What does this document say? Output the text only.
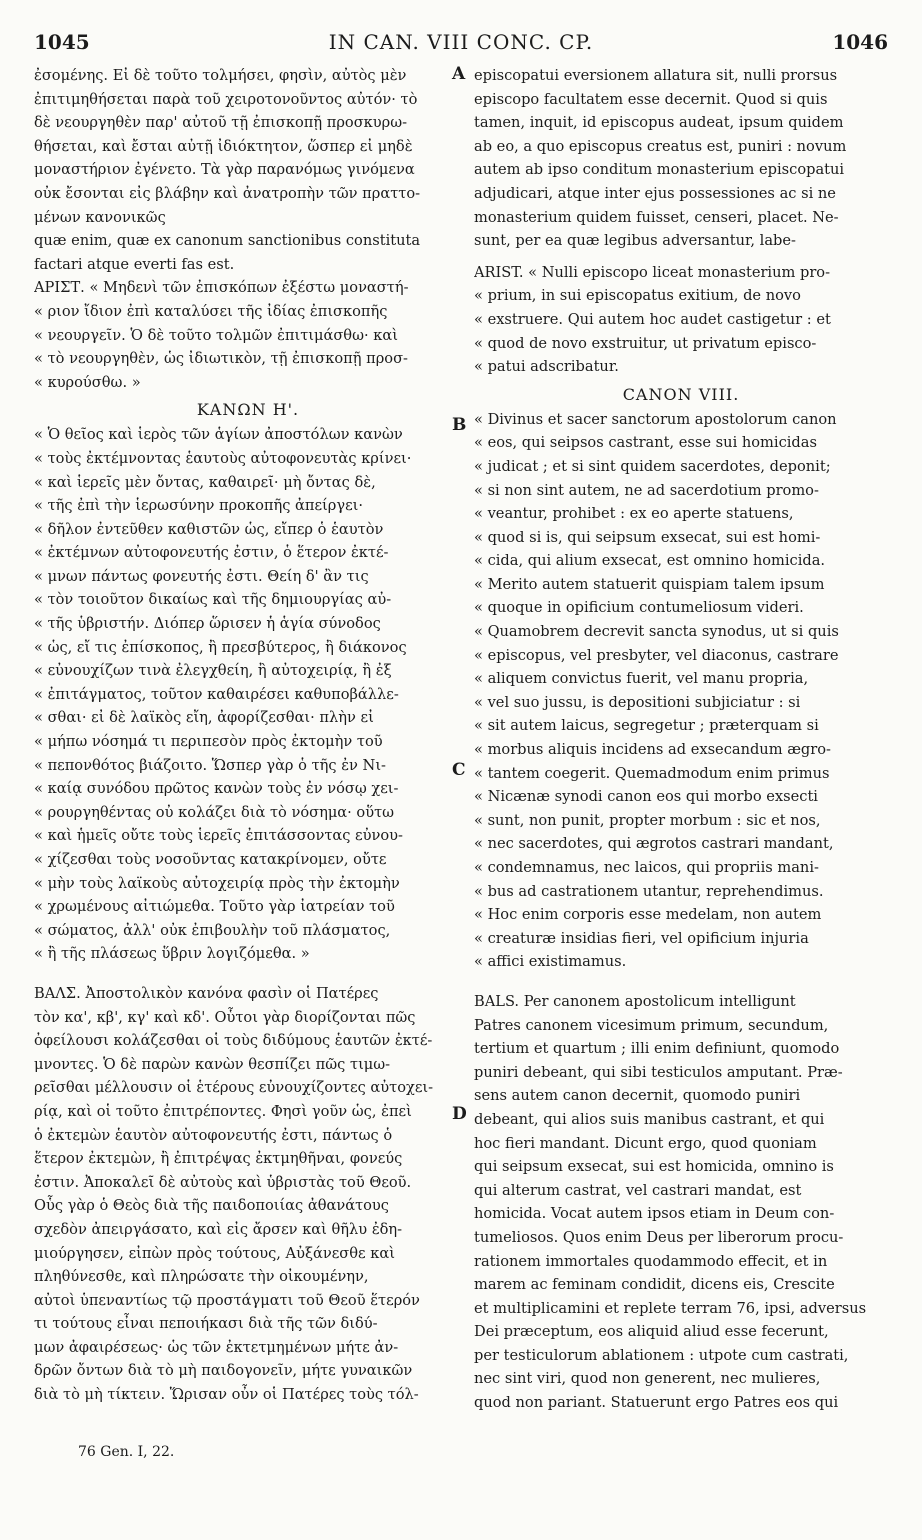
1045	IN CAN. VIII CONC. CP.	1046
A
B
C
D

ἐσομένης. Εἰ δὲ τοῦτο τολμήσει, φησὶν, αὐτὸς μὲν
ἐπιτιμηθήσεται παρὰ τοῦ χειροτονοῦντος αὐτόν· τὸ
δὲ νεουργηθὲν παρ' αὐτοῦ τῇ ἐπισκοπῇ προσκυρω-
θήσεται, καὶ ἔσται αὐτῇ ἰδιόκτητον, ὥσπερ εἰ μηδὲ
μοναστήριον ἐγένετο. Τὰ γὰρ παρανόμως γινόμενα
οὐκ ἔσονται εἰς βλάβην καὶ ἀνατροπὴν τῶν πραττο-
μένων κανονικῶς

quæ enim, quæ ex canonum sanctionibus constituta
factari atque everti fas est.

ΑΡΙΣΤ. « Μηδενὶ τῶν ἐπισκόπων ἐξέστω μοναστή-
« ριον ἴδιον ἐπὶ καταλύσει τῆς ἰδίας ἐπισκοπῆς
« νεουργεῖν. Ὁ δὲ τοῦτο τολμῶν ἐπιτιμάσθω· καὶ
« τὸ νεουργηθὲν, ὡς ἰδιωτικὸν, τῇ ἐπισκοπῇ προσ-
« κυρούσθω. »

ΚΑΝΩΝ Η'.

« Ὁ θεῖος καὶ ἱερὸς τῶν ἁγίων ἀποστόλων κανὼν
« τοὺς ἐκτέμνοντας ἑαυτοὺς αὐτοφονευτὰς κρίνει·
« καὶ ἱερεῖς μὲν ὄντας, καθαιρεῖ· μὴ ὄντας δὲ,
« τῆς ἐπὶ τὴν ἱερωσύνην προκοπῆς ἀπείργει·
« δῆλον ἐντεῦθεν καθιστῶν ὡς, εἴπερ ὁ ἑαυτὸν
« ἐκτέμνων αὐτοφονευτής ἐστιν, ὁ ἕτερον ἐκτέ-
« μνων πάντως φονευτής ἐστι. Θείη δ' ἂν τις
« τὸν τοιοῦτον δικαίως καὶ τῆς δημιουργίας αὐ-
« τῆς ὑβριστήν. Διόπερ ὥρισεν ἡ ἁγία σύνοδος
« ὡς, εἴ τις ἐπίσκοπος, ἢ πρεσβύτερος, ἢ διάκονος
« εὐνουχίζων τινὰ ἐλεγχθείη, ἢ αὐτοχειρίᾳ, ἢ ἐξ
« ἐπιτάγματος, τοῦτον καθαιρέσει καθυποβάλλε-
« σθαι· εἰ δὲ λαϊκὸς εἴη, ἀφορίζεσθαι· πλὴν εἰ
« μήπω νόσημά τι περιπεσὸν πρὸς ἐκτομὴν τοῦ
« πεπονθότος βιάζοιτο. Ὥσπερ γὰρ ὁ τῆς ἐν Νι-
« καίᾳ συνόδου πρῶτος κανὼν τοὺς ἐν νόσῳ χει-
« ρουργηθέντας οὐ κολάζει διὰ τὸ νόσημα· οὕτω
« καὶ ἡμεῖς οὔτε τοὺς ἱερεῖς ἐπιτάσσοντας εὐνου-
« χίζεσθαι τοὺς νοσοῦντας κατακρίνομεν, οὔτε
« μὴν τοὺς λαϊκοὺς αὐτοχειρίᾳ πρὸς τὴν ἐκτομὴν
« χρωμένους αἰτιώμεθα. Τοῦτο γὰρ ἰατρείαν τοῦ
« σώματος, ἀλλ' οὐκ ἐπιβουλὴν τοῦ πλάσματος,
« ἢ τῆς πλάσεως ὕβριν λογιζόμεθα. »

ΒΑΛΣ. Ἀποστολικὸν κανόνα φασὶν οἱ Πατέρες
τὸν κα', κβ', κγ' καὶ κδ'. Οὗτοι γὰρ διορίζονται πῶς
ὀφείλουσι κολάζεσθαι οἱ τοὺς διδύμους ἑαυτῶν ἐκτέ-
μνοντες. Ὁ δὲ παρὼν κανὼν θεσπίζει πῶς τιμω-
ρεῖσθαι μέλλουσιν οἱ ἑτέρους εὐνουχίζοντες αὐτοχει-
ρίᾳ, καὶ οἱ τοῦτο ἐπιτρέποντες. Φησὶ γοῦν ὡς, ἐπεὶ
ὁ ἐκτεμὼν ἑαυτὸν αὐτοφονευτής ἐστι, πάντως ὁ
ἕτερον ἐκτεμὼν, ἢ ἐπιτρέψας ἐκτμηθῆναι, φονεύς
ἐστιν. Ἀποκαλεῖ δὲ αὐτοὺς καὶ ὑβριστὰς τοῦ Θεοῦ.
Οὗς γὰρ ὁ Θεὸς διὰ τῆς παιδοποιίας ἀθανάτους
σχεδὸν ἀπειργάσατο, καὶ εἰς ἄρσεν καὶ θῆλυ ἐδη-
μιούργησεν, εἰπὼν πρὸς τούτους, Αὐξάνεσθε καὶ
πληθύνεσθε, καὶ πληρώσατε τὴν οἰκουμένην,
αὐτοὶ ὑπεναντίως τῷ προστάγματι τοῦ Θεοῦ ἕτερόν
τι τούτους εἶναι πεποιήκασι διὰ τῆς τῶν διδύ-
μων ἀφαιρέσεως· ὡς τῶν ἐκτετμημένων μήτε ἀν-
δρῶν ὄντων διὰ τὸ μὴ παιδογονεῖν, μήτε γυναικῶν
διὰ τὸ μὴ τίκτειν. Ὥρισαν οὖν οἱ Πατέρες τοὺς τόλ-

episcopatui eversionem allatura sit, nulli prorsus
episcopo facultatem esse decernit. Quod si quis
tamen, inquit, id episcopus audeat, ipsum quidem
ab eo, a quo episcopus creatus est, puniri : novum
autem ab ipso conditum monasterium episcopatui
adjudicari, atque inter ejus possessiones ac si ne
monasterium quidem fuisset, censeri, placet. Ne-
sunt, per ea quæ legibus adversantur, labe-

ARIST. « Nulli episcopo liceat monasterium pro-
« prium, in sui episcopatus exitium, de novo
« exstruere. Qui autem hoc audet castigetur : et
« quod de novo exstruitur, ut privatum episco-
« patui adscribatur.

CANON VIII.

« Divinus et sacer sanctorum apostolorum canon
« eos, qui seipsos castrant, esse sui homicidas
« judicat ; et si sint quidem sacerdotes, deponit;
« si non sint autem, ne ad sacerdotium promo-
« veantur, prohibet : ex eo aperte statuens,
« quod si is, qui seipsum exsecat, sui est homi-
« cida, qui alium exsecat, est omnino homicida.
« Merito autem statuerit quispiam talem ipsum
« quoque in opificium contumeliosum videri.
« Quamobrem decrevit sancta synodus, ut si quis
« episcopus, vel presbyter, vel diaconus, castrare
« aliquem convictus fuerit, vel manu propria,
« vel suo jussu, is depositioni subjiciatur : si
« sit autem laicus, segregetur ; præterquam si
« morbus aliquis incidens ad exsecandum ægro-
« tantem coegerit. Quemadmodum enim primus
« Nicænæ synodi canon eos qui morbo exsecti
« sunt, non punit, propter morbum : sic et nos,
« nec sacerdotes, qui ægrotos castrari mandant,
« condemnamus, nec laicos, qui propriis mani-
« bus ad castrationem utantur, reprehendimus.
« Hoc enim corporis esse medelam, non autem
« creaturæ insidias fieri, vel opificium injuria
« affici existimamus.

BALS. Per canonem apostolicum intelligunt
Patres canonem vicesimum primum, secundum,
tertium et quartum ; illi enim definiunt, quomodo
puniri debeant, qui sibi testiculos amputant. Præ-
sens autem canon decernit, quomodo puniri
debeant, qui alios suis manibus castrant, et qui
hoc fieri mandant. Dicunt ergo, quod quoniam
qui seipsum exsecat, sui est homicida, omnino is
qui alterum castrat, vel castrari mandat, est
homicida. Vocat autem ipsos etiam in Deum con-
tumeliosos. Quos enim Deus per liberorum procu-
rationem immortales quodammodo effecit, et in
marem ac feminam condidit, dicens eis, Crescite
et multiplicamini et replete terram 76, ipsi, adversus
Dei præceptum, eos aliquid aliud esse fecerunt,
per testiculorum ablationem : utpote cum castrati,
nec sint viri, quod non generent, nec mulieres,
quod non pariant. Statuerunt ergo Patres eos qui

76 Gen. I, 22.
